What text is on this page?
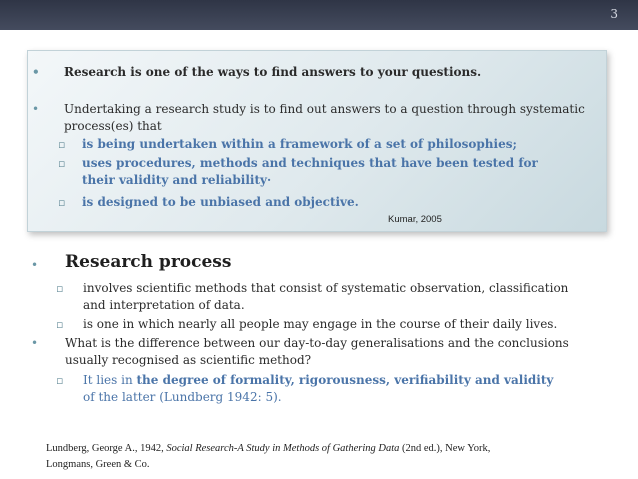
3
• Research is one of the ways to find answers to your questions.
•	Undertaking a research study is to find out answers to a question through systematic
process(es) that
▫ is being undertaken within a framework of a set of philosophies;
▫	uses procedures, methods and techniques that have been tested for
their validity and reliability·
▫ is designed to be unbiased and objective.
Kumar, 2005
• Research process
▫	involves scientific methods that consist of systematic observation, classification
and interpretation of data.
▫ is one in which nearly all people may engage in the course of their daily lives.
•	What is the difference between our day-to-day generalisations and the conclusions
usually recognised as scientific method?
▫	It lies in the degree of formality, rigorousness, verifiability and validity
of the latter (Lundberg 1942: 5).
Lundberg, George A., 1942, Social Research-A Study in Methods of Gathering Data (2nd ed.), New York,
Longmans, Green & Co.
